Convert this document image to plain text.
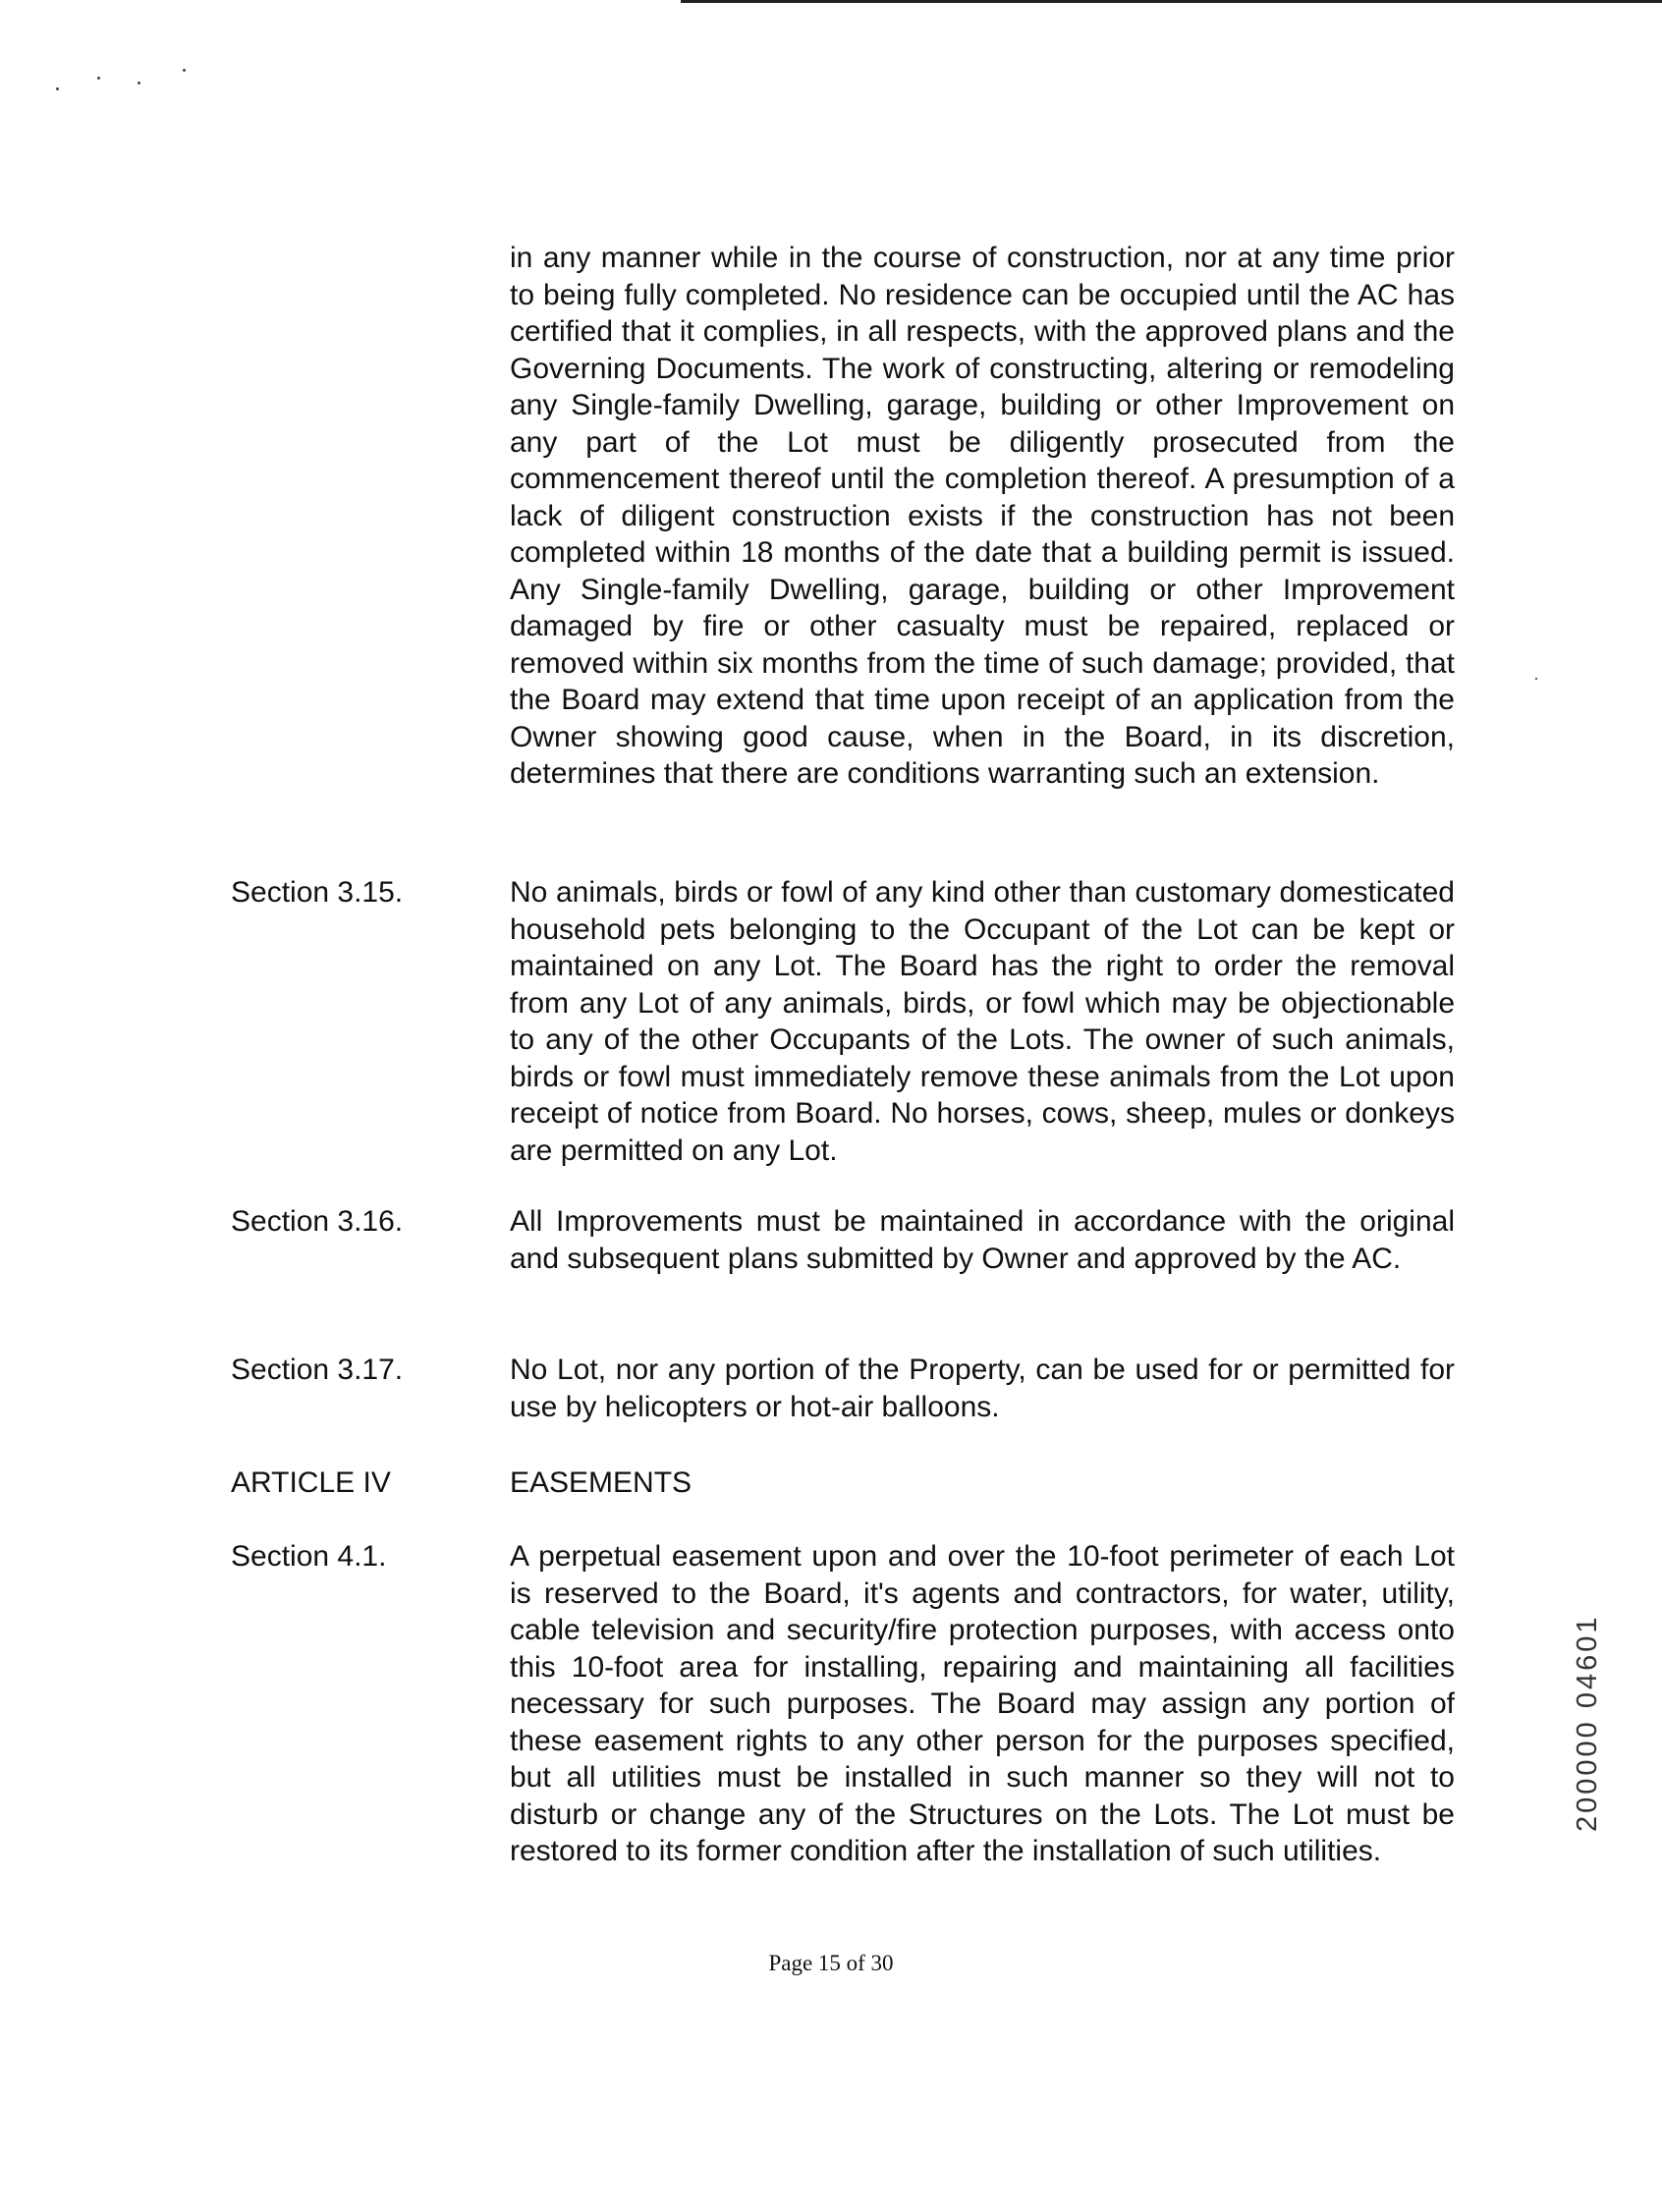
in any manner while in the course of construction, nor at any time prior to being fully completed. No residence can be occupied until the AC has certified that it complies, in all respects, with the approved plans and the Governing Documents. The work of constructing, altering or remodeling any Single-family Dwelling, garage, building or other Improvement on any part of the Lot must be diligently prosecuted from the commencement thereof until the completion thereof. A presumption of a lack of diligent construction exists if the construction has not been completed within 18 months of the date that a building permit is issued. Any Single-family Dwelling, garage, building or other Improvement damaged by fire or other casualty must be repaired, replaced or removed within six months from the time of such damage; provided, that the Board may extend that time upon receipt of an application from the Owner showing good cause, when in the Board, in its discretion, determines that there are conditions warranting such an extension.

Section 3.15.	No animals, birds or fowl of any kind other than customary domesticated household pets belonging to the Occupant of the Lot can be kept or maintained on any Lot. The Board has the right to order the removal from any Lot of any animals, birds, or fowl which may be objectionable to any of the other Occupants of the Lots. The owner of such animals, birds or fowl must immediately remove these animals from the Lot upon receipt of notice from Board. No horses, cows, sheep, mules or donkeys are permitted on any Lot.

Section 3.16.	All Improvements must be maintained in accordance with the original and subsequent plans submitted by Owner and approved by the AC.

Section 3.17.	No Lot, nor any portion of the Property, can be used for or permitted for use by helicopters or hot-air balloons.

ARTICLE IV	EASEMENTS

Section 4.1.	A perpetual easement upon and over the 10-foot perimeter of each Lot is reserved to the Board, it's agents and contractors, for water, utility, cable television and security/fire protection purposes, with access onto this 10-foot area for installing, repairing and maintaining all facilities necessary for such purposes. The Board may assign any portion of these easement rights to any other person for the purposes specified, but all utilities must be installed in such manner so they will not to disturb or change any of the Structures on the Lots. The Lot must be restored to its former condition after the installation of such utilities.

Page 15 of 30

200000 04601
